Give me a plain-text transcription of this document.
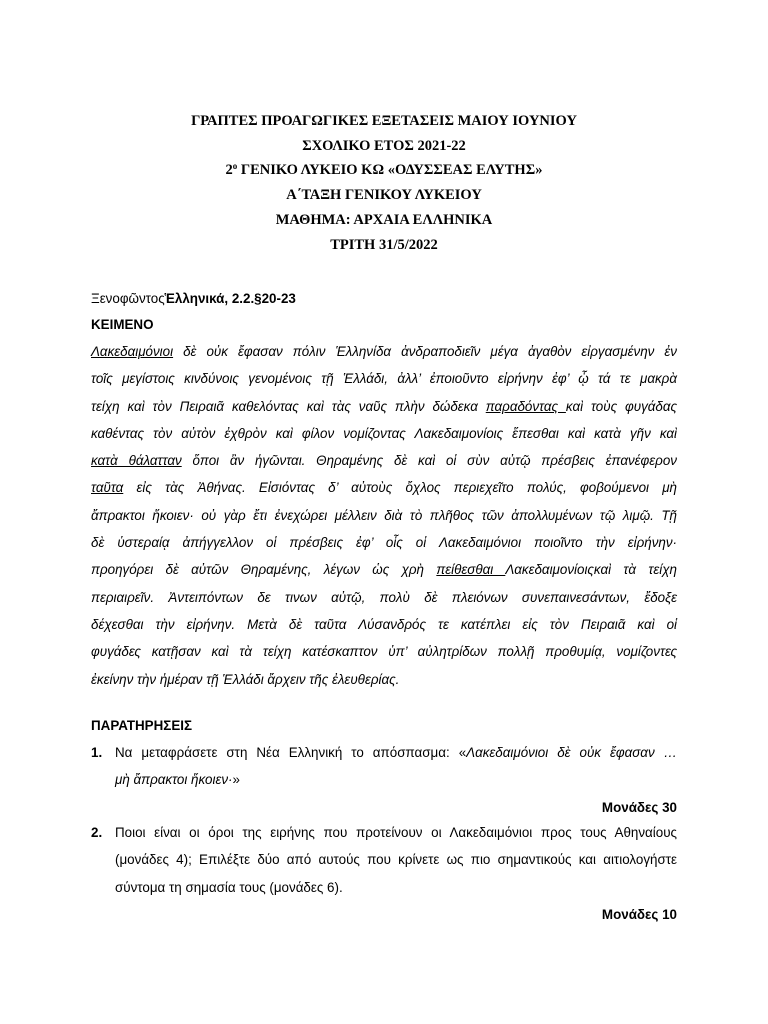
ΓΡΑΠΤΕΣ ΠΡΟΑΓΩΓΙΚΕΣ ΕΞΕΤΑΣΕΙΣ ΜΑΙΟΥ ΙΟΥΝΙΟΥ
ΣΧΟΛΙΚΟ ΕΤΟΣ 2021-22
$2^o$ ΓΕΝΙΚΟ ΛΥΚΕΙΟ ΚΩ «ΟΔΥΣΣΕΑΣ ΕΛΥΤΗΣ»
Α΄ΤΑΞΗ ΓΕΝΙΚΟΥ ΛΥΚΕΙΟΥ
ΜΑΘΗΜΑ: ΑΡΧΑΙΑ ΕΛΛΗΝΙΚΑ
ΤΡΙΤΗ 31/5/2022
ΞενοφῶντοςἙλληνικά, 2.2.§20-23
ΚΕΙΜΕΝΟ
Λακεδαιμόνιοι δὲ οὐκ ἔφασαν πόλιν Ἑλληνίδα ἀνδραποδιεῖν μέγα ἀγαθὸν εἰργασμένην ἐν
τοῖς μεγίστοις κινδύνοις γενομένοις τῇ Ἑλλάδι, ἀλλ’ ἐποιοῦντο εἰρήνην ἐφ’ ᾧ τά τε μακρὰ
τείχη καὶ τὸν Πειραιᾶ καθελόντας καὶ τὰς ναῦς πλὴν δώδεκα παραδόντας καὶ τοὺς φυγάδας
καθέντας τὸν αὐτὸν ἐχθρὸν καὶ φίλον νομίζοντας Λακεδαιμονίοις ἕπεσθαι καὶ κατὰ γῆν καὶ
κατὰ θάλατταν ὅποι ἂν ἡγῶνται. Θηραμένης δὲ καὶ οἱ σὺν αὐτῷ πρέσβεις ἐπανέφερον
ταῦτα εἰς τὰς Ἀθήνας. Εἰσιόντας δ’ αὐτοὺς ὄχλος περιεχεῖτο πολύς, φοβούμενοι μὴ
ἄπρακτοι ἥκοιεν· οὐ γὰρ ἔτι ἐνεχώρει μέλλειν διὰ τὸ πλῆθος τῶν ἀπολλυμένων τῷ λιμῷ. Τῇ
δὲ ὑστεραίᾳ ἀπήγγελλον οἱ πρέσβεις ἐφ’ οἷς οἱ Λακεδαιμόνιοι ποιοῖντο τὴν εἰρήνην·
προηγόρει δὲ αὐτῶν Θηραμένης, λέγων ὡς χρὴ πείθεσθαι Λακεδαιμονίοιςκαὶ τὰ τείχη
περιαιρεῖν. Ἀντειπόντων δε τινων αὐτῷ, πολὺ δὲ πλειόνων συνεπαινεσάντων, ἔδοξε
δέχεσθαι τὴν εἰρήνην. Μετὰ δὲ ταῦτα Λύσανδρός τε κατέπλει εἰς τὸν Πειραιᾶ καὶ οἱ
φυγάδες κατῇσαν καὶ τὰ τείχη κατέσκαπτον ὑπ’ αὐλητρίδων πολλῇ προθυμίᾳ, νομίζοντες
ἐκείνην τὴν ἡμέραν τῇ Ἑλλάδι ἄρχειν τῆς ἐλευθερίας.
ΠΑΡΑΤΗΡΗΣΕΙΣ
1. Να μεταφράσετε στη Νέα Ελληνική το απόσπασμα: «Λακεδαιμόνιοι δὲ οὐκ ἔφασαν …
μὴ ἄπρακτοι ἥκοιεν·»
Μονάδες 30
2. Ποιοι είναι οι όροι της ειρήνης που προτείνουν οι Λακεδαιμόνιοι προς τους Αθηναίους
(μονάδες 4); Επιλέξτε δύο από αυτούς που κρίνετε ως πιο σημαντικούς και αιτιολογήστε
σύντομα τη σημασία τους (μονάδες 6).
Μονάδες 10
